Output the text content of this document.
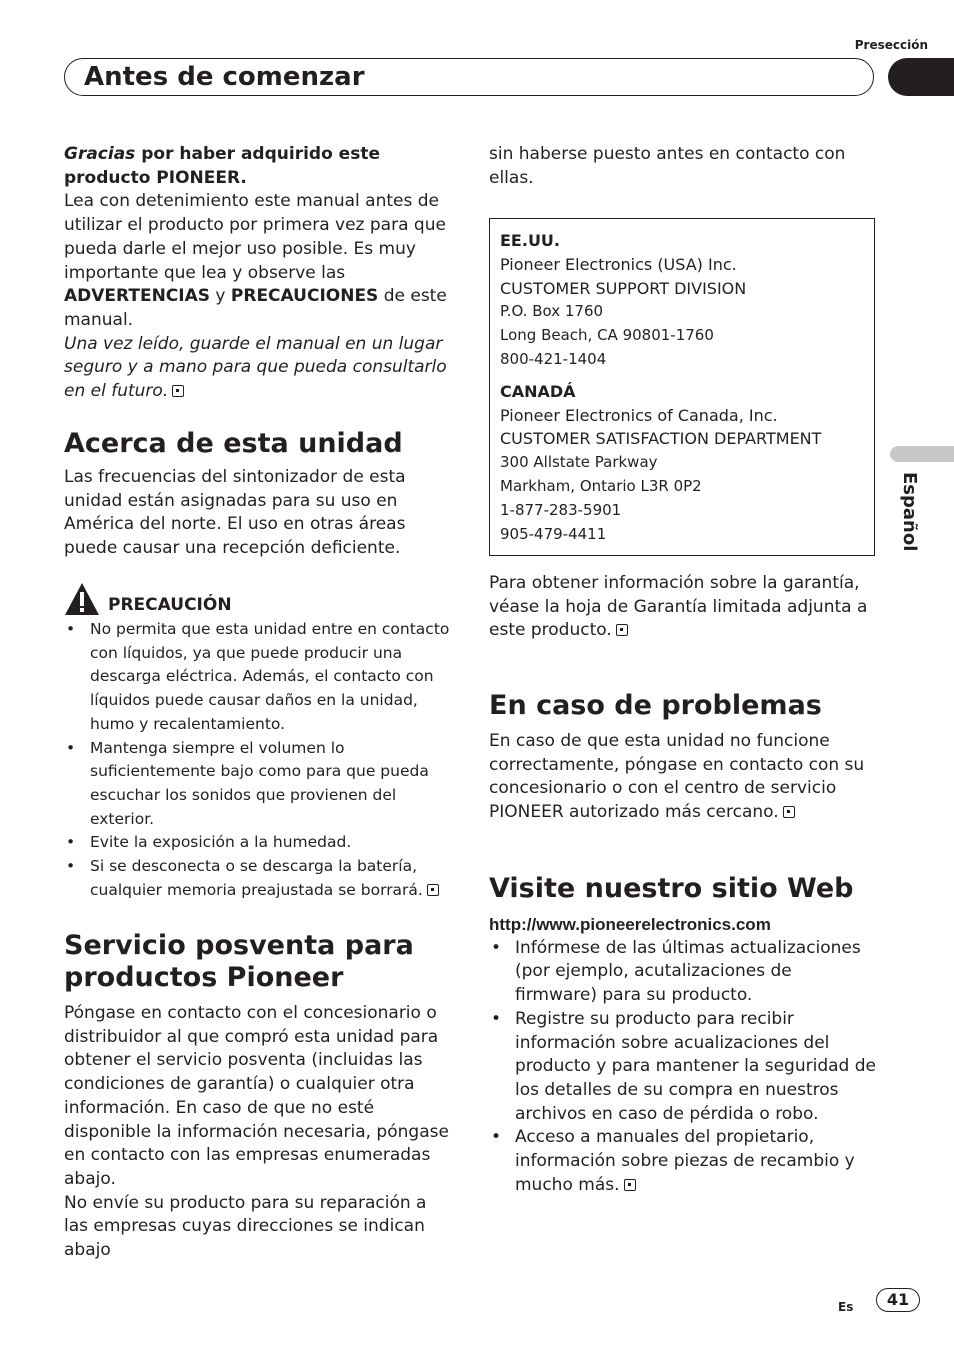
Presección
Antes de comenzar
Español

Gracias por haber adquirido este producto PIONEER.

Lea con detenimiento este manual antes de utilizar el producto por primera vez para que pueda darle el mejor uso posible. Es muy importante que lea y observe las ADVERTENCIAS y PRECAUCIONES de este manual.

Una vez leído, guarde el manual en un lugar seguro y a mano para que pueda consultarlo en el futuro.

Acerca de esta unidad

Las frecuencias del sintonizador de esta unidad están asignadas para su uso en América del norte. El uso en otras áreas puede causar una recepción deficiente.

PRECAUCIÓN
• No permita que esta unidad entre en contacto con líquidos, ya que puede producir una descarga eléctrica. Además, el contacto con líquidos puede causar daños en la unidad, humo y recalentamiento.
• Mantenga siempre el volumen lo suficientemente bajo como para que pueda escuchar los sonidos que provienen del exterior.
• Evite la exposición a la humedad.
• Si se desconecta o se descarga la batería, cualquier memoria preajustada se borrará.
Servicio posventa para productos Pioneer

Póngase en contacto con el concesionario o distribuidor al que compró esta unidad para obtener el servicio posventa (incluidas las condiciones de garantía) o cualquier otra información. En caso de que no esté disponible la información necesaria, póngase en contacto con las empresas enumeradas abajo.

No envíe su producto para su reparación a las empresas cuyas direcciones se indican abajo

sin haberse puesto antes en contacto con ellas.

EE.UU.

Pioneer Electronics (USA) Inc.

CUSTOMER SUPPORT DIVISION

P.O. Box 1760

Long Beach, CA 90801-1760

800-421-1404

CANADÁ

Pioneer Electronics of Canada, Inc.

CUSTOMER SATISFACTION DEPARTMENT

300 Allstate Parkway

Markham, Ontario L3R 0P2

1-877-283-5901

905-479-4411

Para obtener información sobre la garantía, véase la hoja de Garantía limitada adjunta a este producto.

En caso de problemas

En caso de que esta unidad no funcione correctamente, póngase en contacto con su concesionario o con el centro de servicio PIONEER autorizado más cercano.

Visite nuestro sitio Web

http://www.pioneerelectronics.com

• Infórmese de las últimas actualizaciones (por ejemplo, acutalizaciones de firmware) para su producto.
• Registre su producto para recibir información sobre acualizaciones del producto y para mantener la seguridad de los detalles de su compra en nuestros archivos en caso de pérdida o robo.
• Acceso a manuales del propietario, información sobre piezas de recambio y mucho más.
Es	41
